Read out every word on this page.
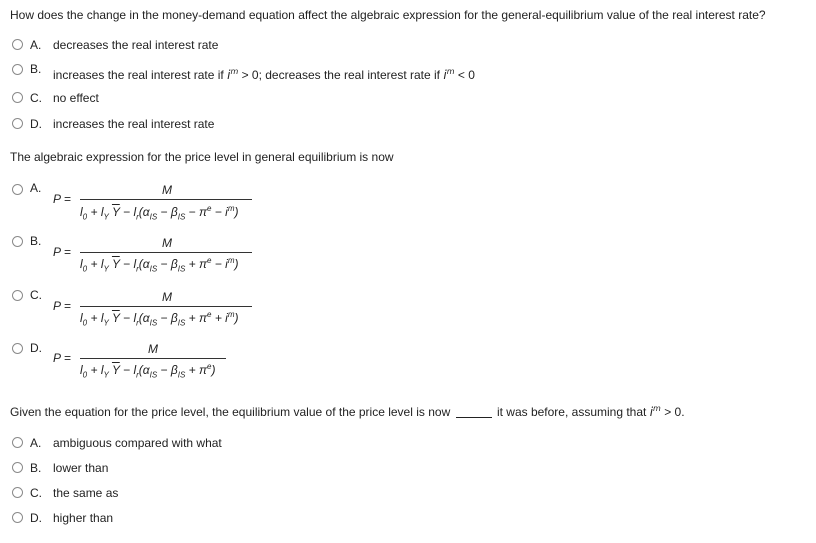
How does the change in the money-demand equation affect the algebraic expression for the general-equilibrium value of the real interest rate?
A. decreases the real interest rate
B. increases the real interest rate if $i^m > 0$; decreases the real interest rate if $i^m < 0$
C. no effect
D. increases the real interest rate
The algebraic expression for the price level in general equilibrium is now
A.
P =
M
$l_0 + l_Y$ $\overline{Y} - l_r(\alpha_{IS} - \beta_{IS} - \pi^e - i^m)$
B.
P =
M
$l_0 + l_Y$ $\overline{Y} - l_r(\alpha_{IS} - \beta_{IS} + \pi^e - i^m)$
C.
P =
M
$l_0 + l_Y$ $\overline{Y} - l_r(\alpha_{IS} - \beta_{IS} + \pi^e + i^m)$
D.
P =
M
$l_0 + l_Y$ $\overline{Y} - l_r(\alpha_{IS} - \beta_{IS} + \pi^e)$
Given the equation for the price level, the equilibrium value of the price level is now	it was before, assuming that $i^m > 0$.
A. ambiguous compared with what
B. lower than
C. the same as
D. higher than
